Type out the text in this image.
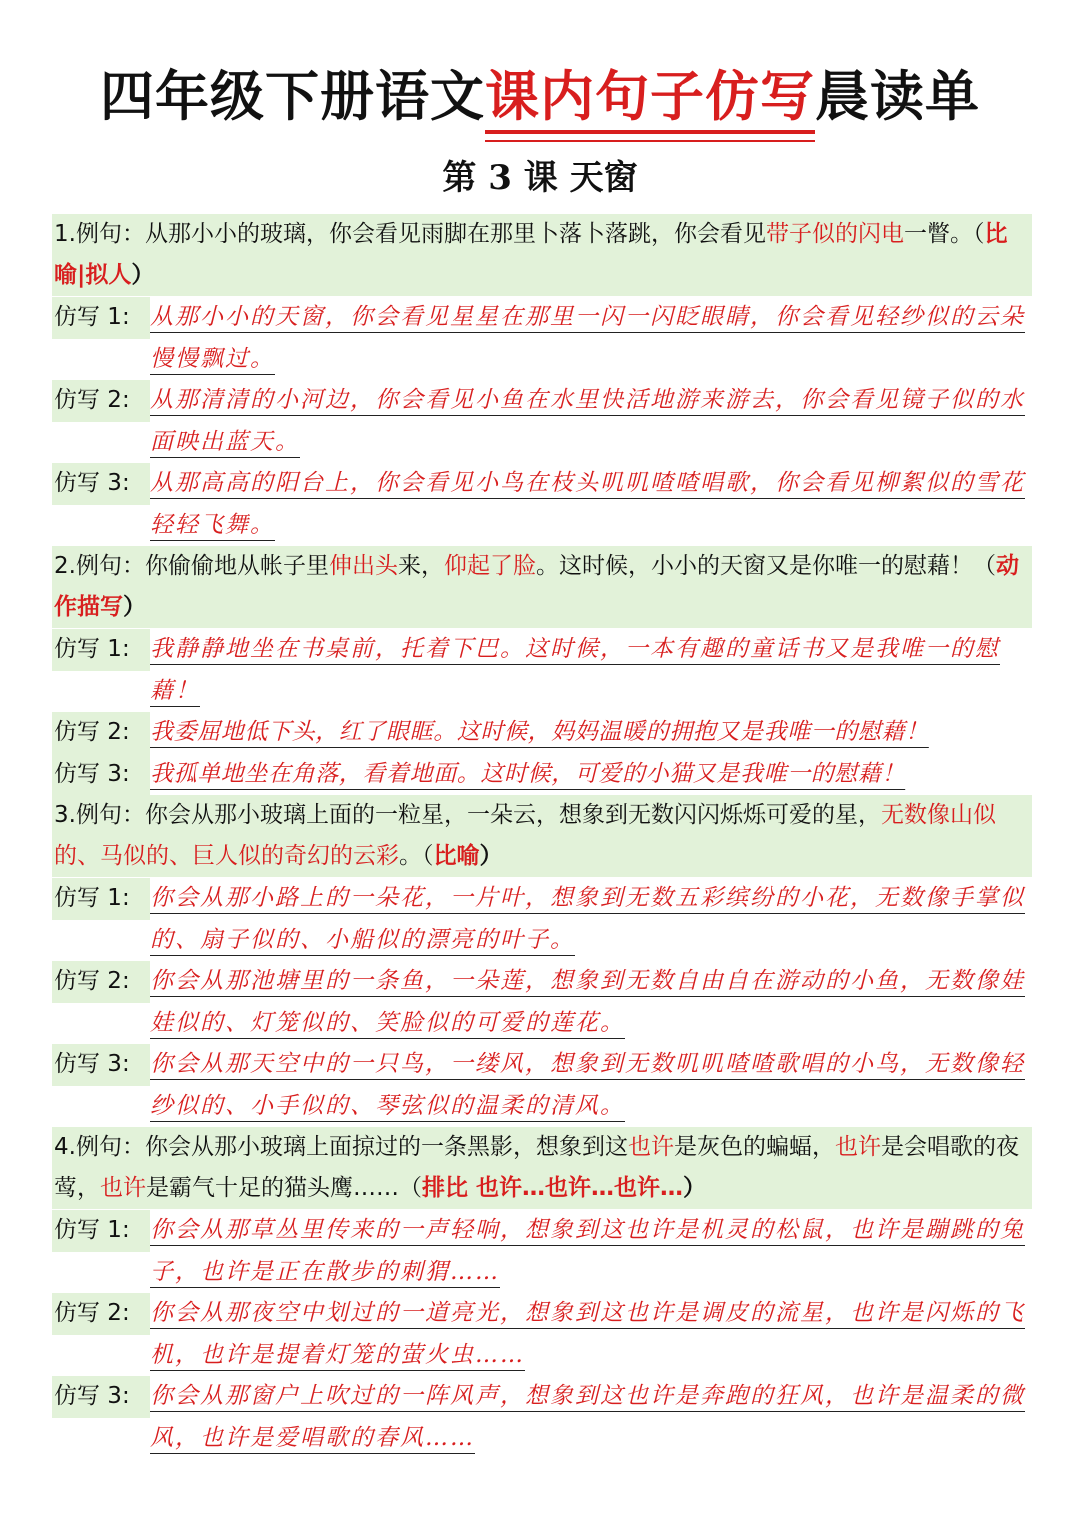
四年级下册语文课内句子仿写晨读单
第 3 课 天窗
1.例句：从那小小的玻璃，你会看见雨脚在那里卜落卜落跳，你会看见带子似的闪电一瞥。（比喻|拟人）
仿写 1: 从那小小的天窗，你会看见星星在那里一闪一闪眨眼睛，你会看见轻纱似的云朵慢慢飘过。
仿写 2: 从那清清的小河边，你会看见小鱼在水里快活地游来游去，你会看见镜子似的水面映出蓝天。
仿写 3: 从那高高的阳台上，你会看见小鸟在枝头叽叽喳喳唱歌，你会看见柳絮似的雪花轻轻飞舞。
2.例句：你偷偷地从帐子里伸出头来，仰起了脸。这时候，小小的天窗又是你唯一的慰藉！（动作描写）
仿写 1: 我静静地坐在书桌前，托着下巴。这时候，一本有趣的童话书又是我唯一的慰藉！
仿写 2: 我委屈地低下头，红了眼眶。这时候，妈妈温暖的拥抱又是我唯一的慰藉！
仿写 3: 我孤单地坐在角落，看着地面。这时候，可爱的小猫又是我唯一的慰藉！
3.例句：你会从那小玻璃上面的一粒星，一朵云，想象到无数闪闪烁烁可爱的星，无数像山似的、马似的、巨人似的奇幻的云彩。（比喻）
仿写 1: 你会从那小路上的一朵花，一片叶，想象到无数五彩缤纷的小花，无数像手掌似的、扇子似的、小船似的漂亮的叶子。
仿写 2: 你会从那池塘里的一条鱼，一朵莲，想象到无数自由自在游动的小鱼，无数像娃娃似的、灯笼似的、笑脸似的可爱的莲花。
仿写 3: 你会从那天空中的一只鸟，一缕风，想象到无数叽叽喳喳歌唱的小鸟，无数像轻纱似的、小手似的、琴弦似的温柔的清风。
4.例句：你会从那小玻璃上面掠过的一条黑影，想象到这也许是灰色的蝙蝠，也许是会唱歌的夜莺，也许是霸气十足的猫头鹰……（排比 也许…也许…也许…）
仿写 1: 你会从那草丛里传来的一声轻响，想象到这也许是机灵的松鼠，也许是蹦跳的兔子，也许是正在散步的刺猬……
仿写 2: 你会从那夜空中划过的一道亮光，想象到这也许是调皮的流星，也许是闪烁的飞机，也许是提着灯笼的萤火虫……
仿写 3: 你会从那窗户上吹过的一阵风声，想象到这也许是奔跑的狂风，也许是温柔的微风，也许是爱唱歌的春风……
